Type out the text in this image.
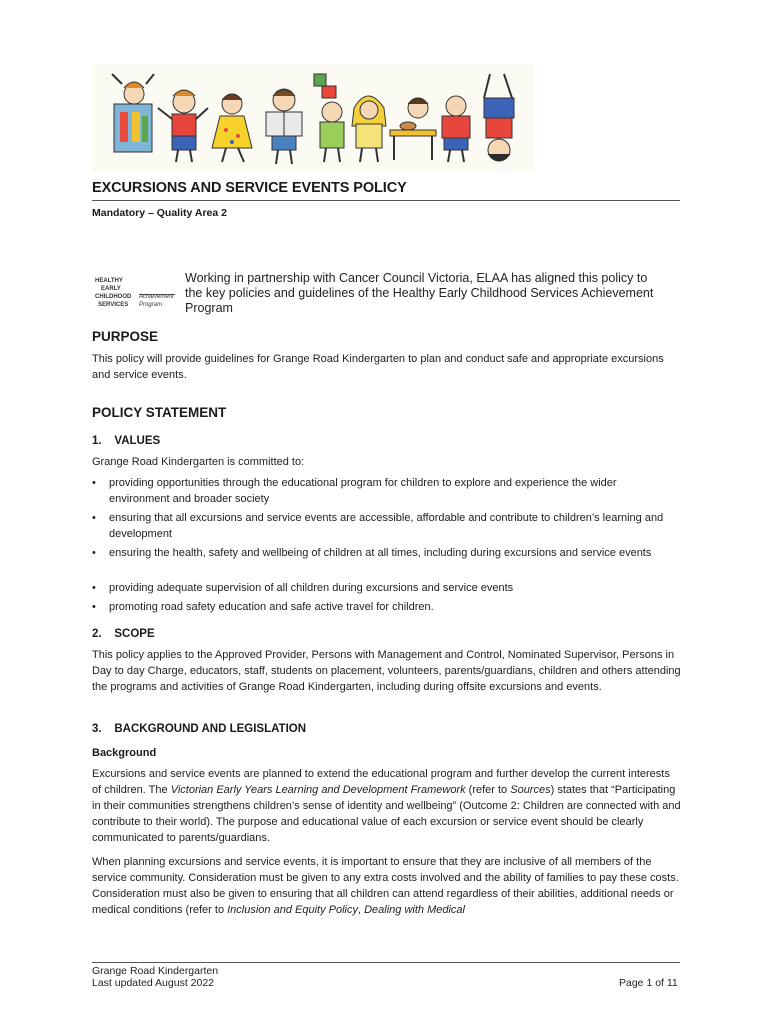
EXCURSIONS AND SERVICE EVENTS POLICY
Mandatory – Quality Area 2
HEALTHY
EARLY
CHILDHOOD
SERVICES
Achievement
Program
Working in partnership with Cancer Council Victoria, ELAA has aligned this policy to the key policies and guidelines of the Healthy Early Childhood Services Achievement Program
PURPOSE
This policy will provide guidelines for Grange Road Kindergarten to plan and conduct safe and appropriate excursions and service events.
POLICY STATEMENT
1.    VALUES
Grange Road Kindergarten is committed to:
• providing opportunities through the educational program for children to explore and experience the wider environment and broader society
• ensuring that all excursions and service events are accessible, affordable and contribute to children’s learning and development
• ensuring the health, safety and wellbeing of children at all times, including during excursions and service events
• providing adequate supervision of all children during excursions and service events
• promoting road safety education and safe active travel for children.
2.    SCOPE
This policy applies to the Approved Provider, Persons with Management and Control, Nominated Supervisor, Persons in Day to day Charge, educators, staff, students on placement, volunteers, parents/guardians, children and others attending the programs and activities of Grange Road Kindergarten, including during offsite excursions and events.
3.    BACKGROUND AND LEGISLATION
Background
Excursions and service events are planned to extend the educational program and further develop the current interests of children. The Victorian Early Years Learning and Development Framework (refer to Sources) states that “Participating in their communities strengthens children’s sense of identity and wellbeing” (Outcome 2: Children are connected with and contribute to their world). The purpose and educational value of each excursion or service event should be clearly communicated to parents/guardians.
When planning excursions and service events, it is important to ensure that they are inclusive of all members of the service community. Consideration must be given to any extra costs involved and the ability of families to pay these costs. Consideration must also be given to ensuring that all children can attend regardless of their abilities, additional needs or medical conditions (refer to Inclusion and Equity Policy, Dealing with Medical
Grange Road Kindergarten
Last updated August 2022	Page 1 of 11
